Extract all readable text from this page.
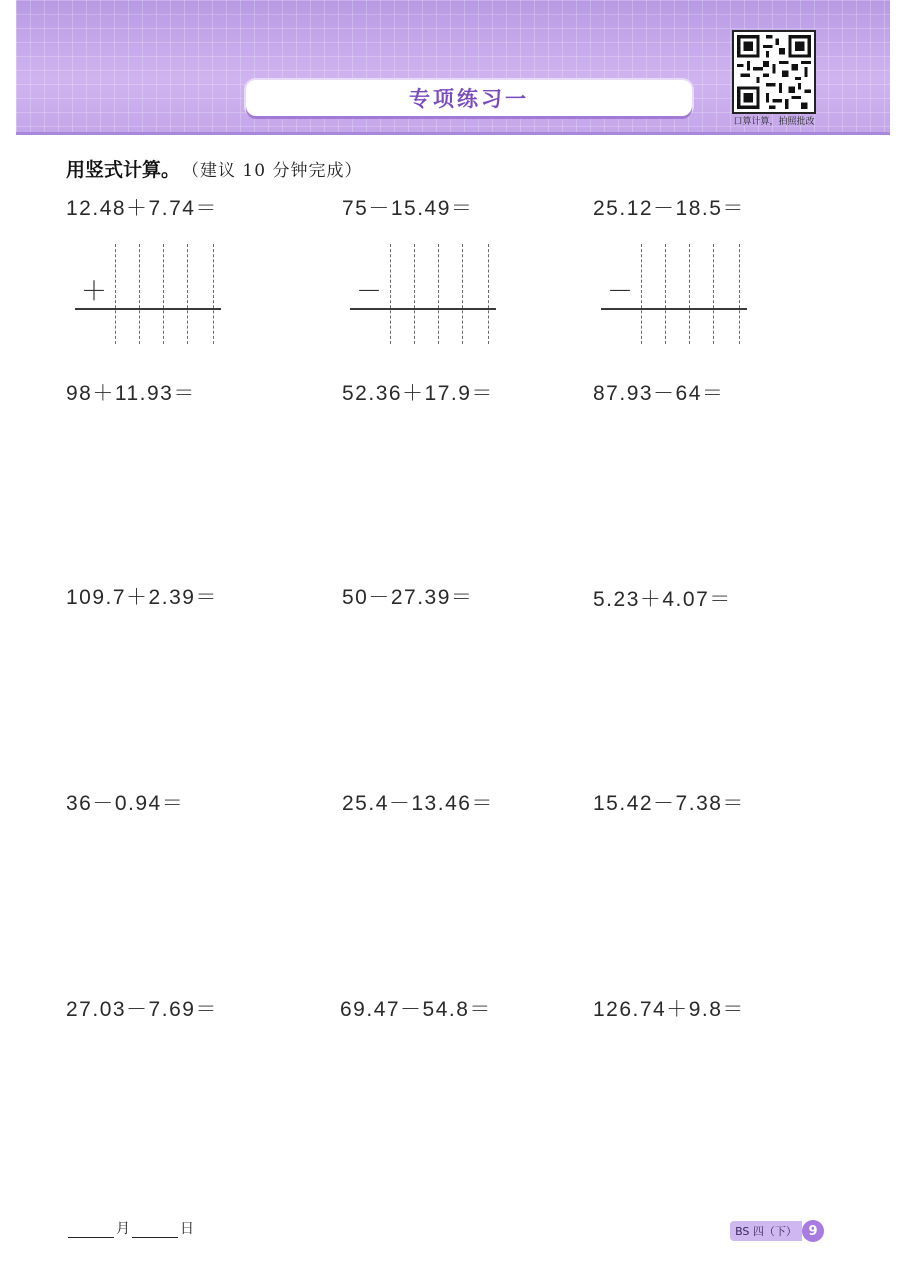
专项练习一
口算计算，拍照批改
用竖式计算。 （建议 10 分钟完成）
12.48＋7.74＝	75－15.49＝	25.12－18.5＝
98＋11.93＝	52.36＋17.9＝	87.93－64＝
109.7＋2.39＝	50－27.39＝	5.23＋4.07＝
36－0.94＝	25.4－13.46＝	15.42－7.38＝
27.03－7.69＝	69.47－54.8＝	126.74＋9.8＝
＋	－	－
月	日	BS 四（下） 9
